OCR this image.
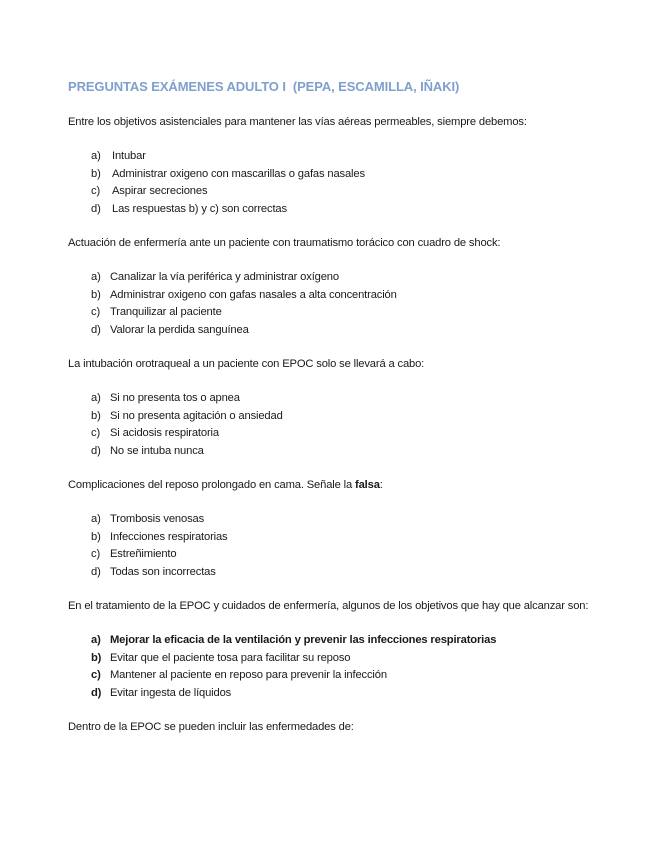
PREGUNTAS EXÁMENES ADULTO I  (PEPA, ESCAMILLA, IÑAKI)
Entre los objetivos asistenciales para mantener las vías aéreas permeables, siempre debemos:
a)	Intubar
b)	Administrar oxigeno con mascarillas o gafas nasales
c)	Aspirar secreciones
d)	Las respuestas b) y c) son correctas
Actuación de enfermería ante un paciente con traumatismo torácico con cuadro de shock:
a) Canalizar la vía periférica y administrar oxígeno
b) Administrar oxigeno con gafas nasales a alta concentración
c) Tranquilizar al paciente
d) Valorar la perdida sanguínea
La intubación orotraqueal a un paciente con EPOC solo se llevará a cabo:
a) Si no presenta tos o apnea
b) Si no presenta agitación o ansiedad
c) Si acidosis respiratoria
d) No se intuba nunca
Complicaciones del reposo prolongado en cama. Señale la falsa:
a) Trombosis venosas
b) Infecciones respiratorias
c) Estreñimiento
d) Todas son incorrectas
En el tratamiento de la EPOC y cuidados de enfermería, algunos de los objetivos que hay que alcanzar son:
a) Mejorar la eficacia de la ventilación y prevenir las infecciones respiratorias
b) Evitar que el paciente tosa para facilitar su reposo
c) Mantener al paciente en reposo para prevenir la infección
d) Evitar ingesta de líquidos
Dentro de la EPOC se pueden incluir las enfermedades de:
